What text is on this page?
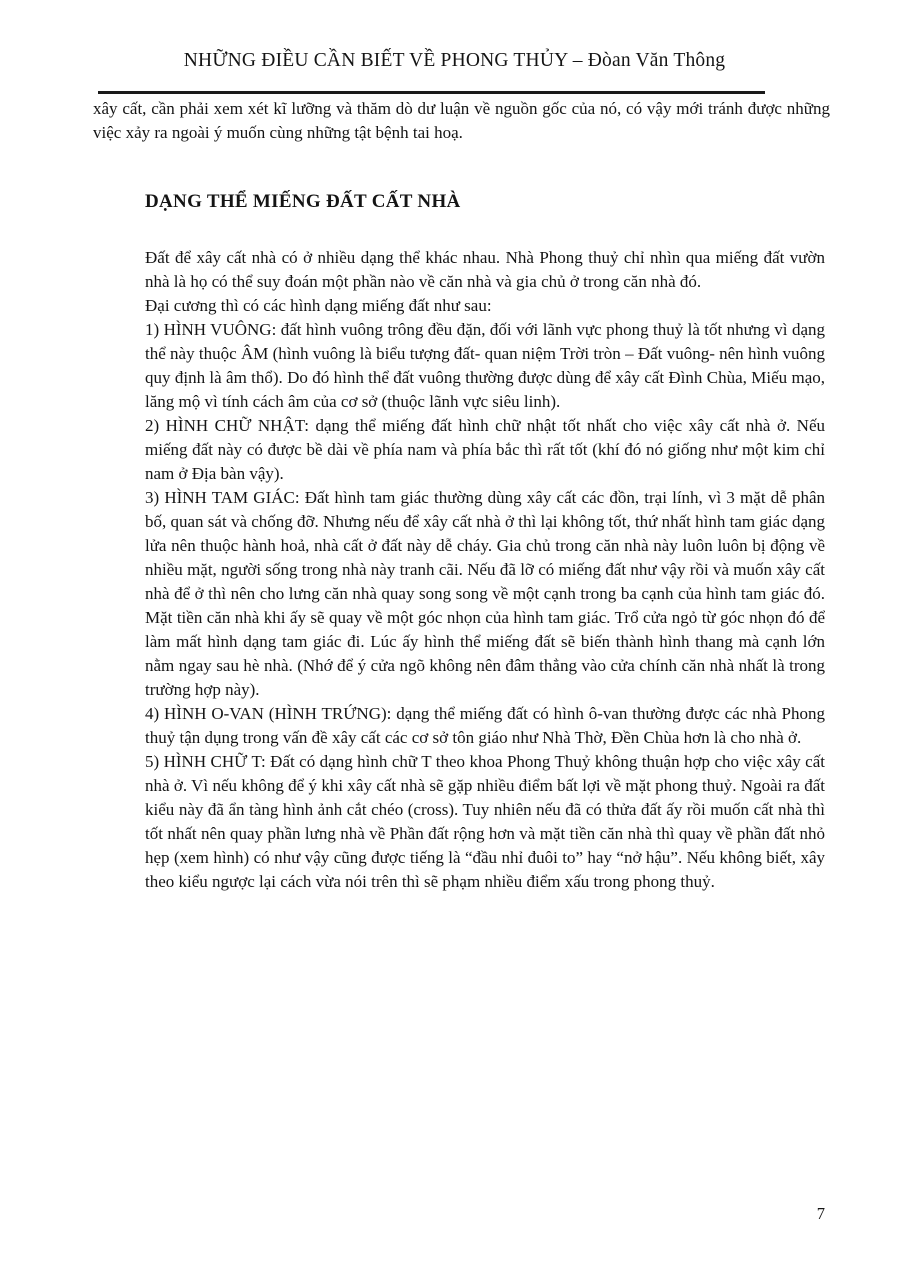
NHỮNG ĐIỀU CẦN BIẾT VỀ PHONG THỦY – Đòan Văn Thông
xây cất, cần phải xem xét kĩ lưỡng và thăm dò dư luận về nguồn gốc của nó, có vậy mới tránh được những việc xảy ra ngoài ý muốn cùng những tật bệnh tai hoạ.
DẠNG THỂ MIẾNG ĐẤT CẤT NHÀ

Đất để xây cất nhà có ở nhiều dạng thể khác nhau. Nhà Phong thuỷ chỉ nhìn qua miếng đất vườn nhà là họ có thể suy đoán một phần nào về căn nhà và gia chủ ở trong căn nhà đó.

Đại cương thì có các hình dạng miếng đất như sau:

1) HÌNH VUÔNG: đất hình vuông trông đều đặn, đối với lãnh vực phong thuỷ là tốt nhưng vì dạng thể này thuộc ÂM (hình vuông là biểu tượng đất- quan niệm Trời tròn – Đất vuông- nên hình vuông quy định là âm thổ). Do đó hình thể đất vuông thường được dùng để xây cất Đình Chùa, Miếu mạo, lăng mộ vì tính cách âm của cơ sở (thuộc lãnh vực siêu linh).

2) HÌNH CHỮ NHẬT: dạng thể miếng đất hình chữ nhật tốt nhất cho việc xây cất nhà ở. Nếu miếng đất này có được bề dài về phía nam và phía bắc thì rất tốt (khí đó nó giống như một kim chỉ nam ở Địa bàn vậy).

3) HÌNH TAM GIÁC: Đất hình tam giác thường dùng xây cất các đồn, trại lính, vì 3 mặt dễ phân bố, quan sát và chống đỡ. Nhưng nếu để xây cất nhà ở thì lại không tốt, thứ nhất hình tam giác dạng lửa nên thuộc hành hoả, nhà cất ở đất này dễ cháy. Gia chủ trong căn nhà này luôn luôn bị động về nhiều mặt, người sống trong nhà này tranh cãi. Nếu đã lỡ có miếng đất như vậy rồi và muốn xây cất nhà để ở thì nên cho lưng căn nhà quay song song về một cạnh trong ba cạnh của hình tam giác đó. Mặt tiền căn nhà khi ấy sẽ quay về một góc nhọn của hình tam giác. Trổ cửa ngỏ từ góc nhọn đó để làm mất hình dạng tam giác đi. Lúc ấy hình thể miếng đất sẽ biến thành hình thang mà cạnh lớn nằm ngay sau hè nhà. (Nhớ để ý cửa ngõ không nên đâm thẳng vào cửa chính căn nhà nhất là trong trường hợp này).

4) HÌNH O-VAN (HÌNH TRỨNG): dạng thể miếng đất có hình ô-van thường được các nhà Phong thuỷ tận dụng trong vấn đề xây cất các cơ sở tôn giáo như Nhà Thờ, Đền Chùa hơn là cho nhà ở.

5) HÌNH CHỮ T: Đất có dạng hình chữ T theo khoa Phong Thuỷ không thuận hợp cho việc xây cất nhà ở. Vì nếu không để ý khi xây cất nhà sẽ gặp nhiều điểm bất lợi về mặt phong thuỷ. Ngoài ra đất kiểu này đã ẩn tàng hình ảnh cắt chéo (cross). Tuy nhiên nếu đã có thửa đất ấy rồi muốn cất nhà thì tốt nhất nên quay phần lưng nhà về Phần đất rộng hơn và mặt tiền căn nhà thì quay về phần đất nhỏ hẹp (xem hình) có như vậy cũng được tiếng là “đầu nhỉ đuôi to” hay “nở hậu”. Nếu không biết, xây theo kiểu ngược lại cách vừa nói trên thì sẽ phạm nhiều điểm xấu trong phong thuỷ.

7
